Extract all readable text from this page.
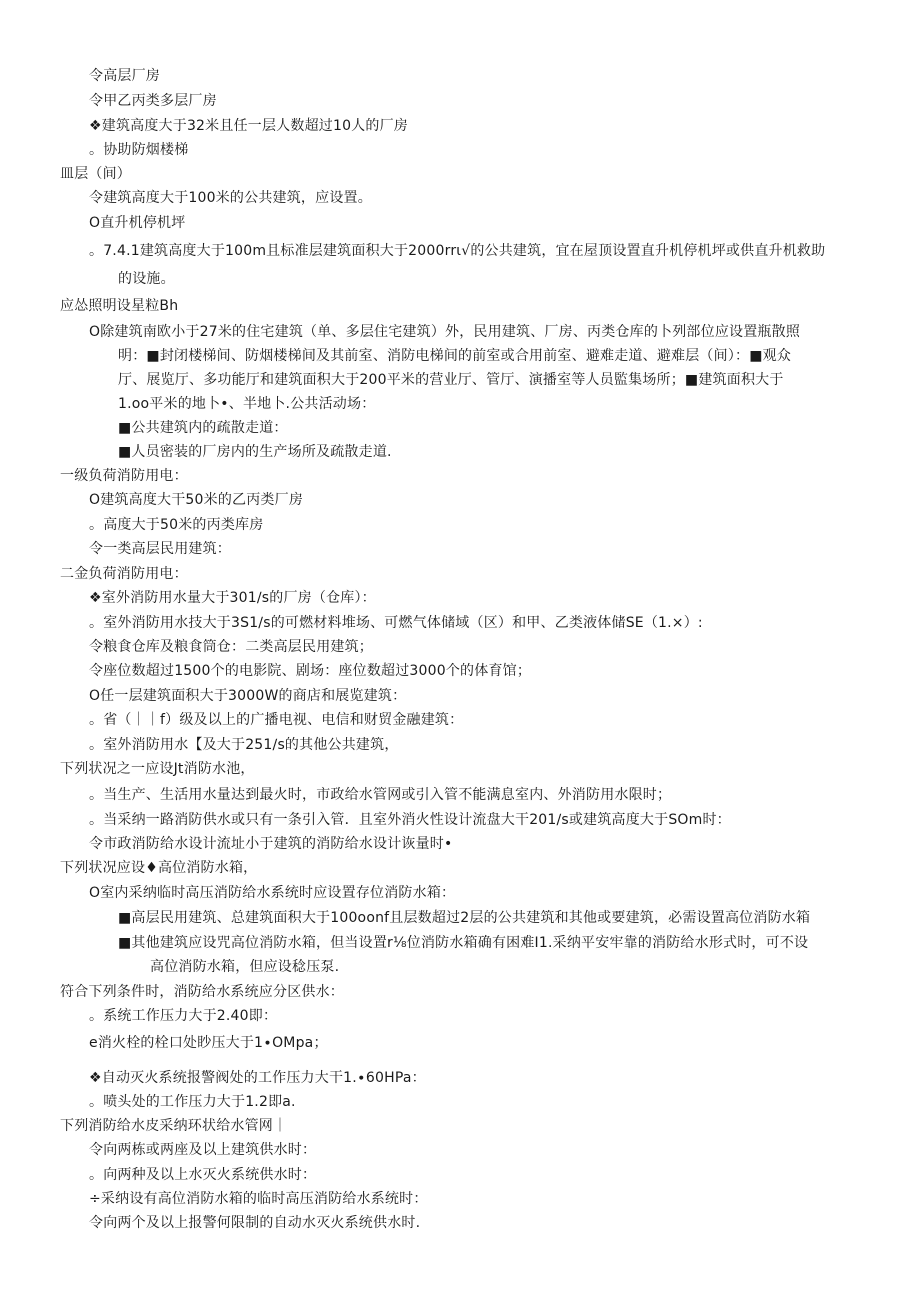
令高层厂房
令甲乙丙类多层厂房
❖建筑高度大于32米且任一层人数超过10人的厂房
。协助防烟楼梯
皿层（间）
令建筑高度大于100米的公共建筑，应设置。
O直升机停机坪
。7.4.1建筑高度大于100m且标准层建筑面积大于2000rrι√的公共建筑，宜在屋顶设置直升机停机坪或供直升机救助
的设施。
应怂照明设星粒Bh
O除建筑南欧小于27米的住宅建筑（单、多层住宅建筑）外，民用建筑、厂房、丙类仓库的卜列部位应设置瓶散照
明：■封闭楼梯间、防烟楼梯间及其前室、消防电梯间的前室或合用前室、避难走道、避难层（间）：■观众
厅、展览厅、多功能厅和建筑面积大于200平米的营业厅、管厅、演播室等人员監集场所；■建筑面积大于
1.oo平米的地卜•、半地卜.公共活动场：
■公共建筑内的疏散走道：
■人员密装的厂房内的生产场所及疏散走道.
一级负荷消防用电：
O建筑高度大干50米的乙丙类厂房
。高度大于50米的丙类库房
令一类高层民用建筑：
二金负荷消防用电：
❖室外消防用水量大于301∕s的厂房（仓库）：
。室外消防用水技大于3S1∕s的可燃材料堆场、可燃气体储域（区）和甲、乙类液体储SE（1.×）:
令粮食仓库及粮食筒仓：二类高层民用建筑；
令座位数超过1500个的电影院、剧场：座位数超过3000个的体育馆；
O任一层建筑面积大于3000W的商店和展览建筑：
。省（｜｜f）级及以上的广播电视、电信和财贸金融建筑：
。室外消防用水【及大于251∕s的其他公共建筑，
下列状况之一应设Jt消防水池，
。当生产、生活用水量达到最火时，市政给水管网或引入管不能满息室内、外消防用水限时；
。当采纳一路消防供水或只有一条引入管．且室外消火性设计流盘大干201∕s或建筑高度大于SOm时：
令市政消防给水设计流址小于建筑的消防给水设计诙量时•
下列状况应设♦高位消防水箱，
O室内采纳临时高压消防给水系统时应设置存位消防水箱：
■高层民用建筑、总建筑面积大于100oonf且层数超过2层的公共建筑和其他或要建筑，必需设置高位消防水箱
■其他建筑应设咒高位消防水箱，但当设置r⅛位消防水箱确有困难I1.采纳平安牢靠的消防给水形式时，可不设
高位消防水箱，但应设稔压泵.
符合下列条件时，消防给水系统应分区供水：
。系统工作压力大于2.40即：
e消火栓的栓口处眇压大于1∙OMpa；
❖自动灭火系统报警阀处的工作压力大干1.∙60HPa：
。喷头处的工作压力大于1.2即a.
下列消防给水皮采纳环状给水管网｜
令向两栋或两座及以上建筑供水时：
。向两种及以上水灭火系统供水时：
÷采纳设有高位消防水箱的临时高压消防给水系统时：
令向两个及以上报警何限制的自动水灭火系统供水时.
